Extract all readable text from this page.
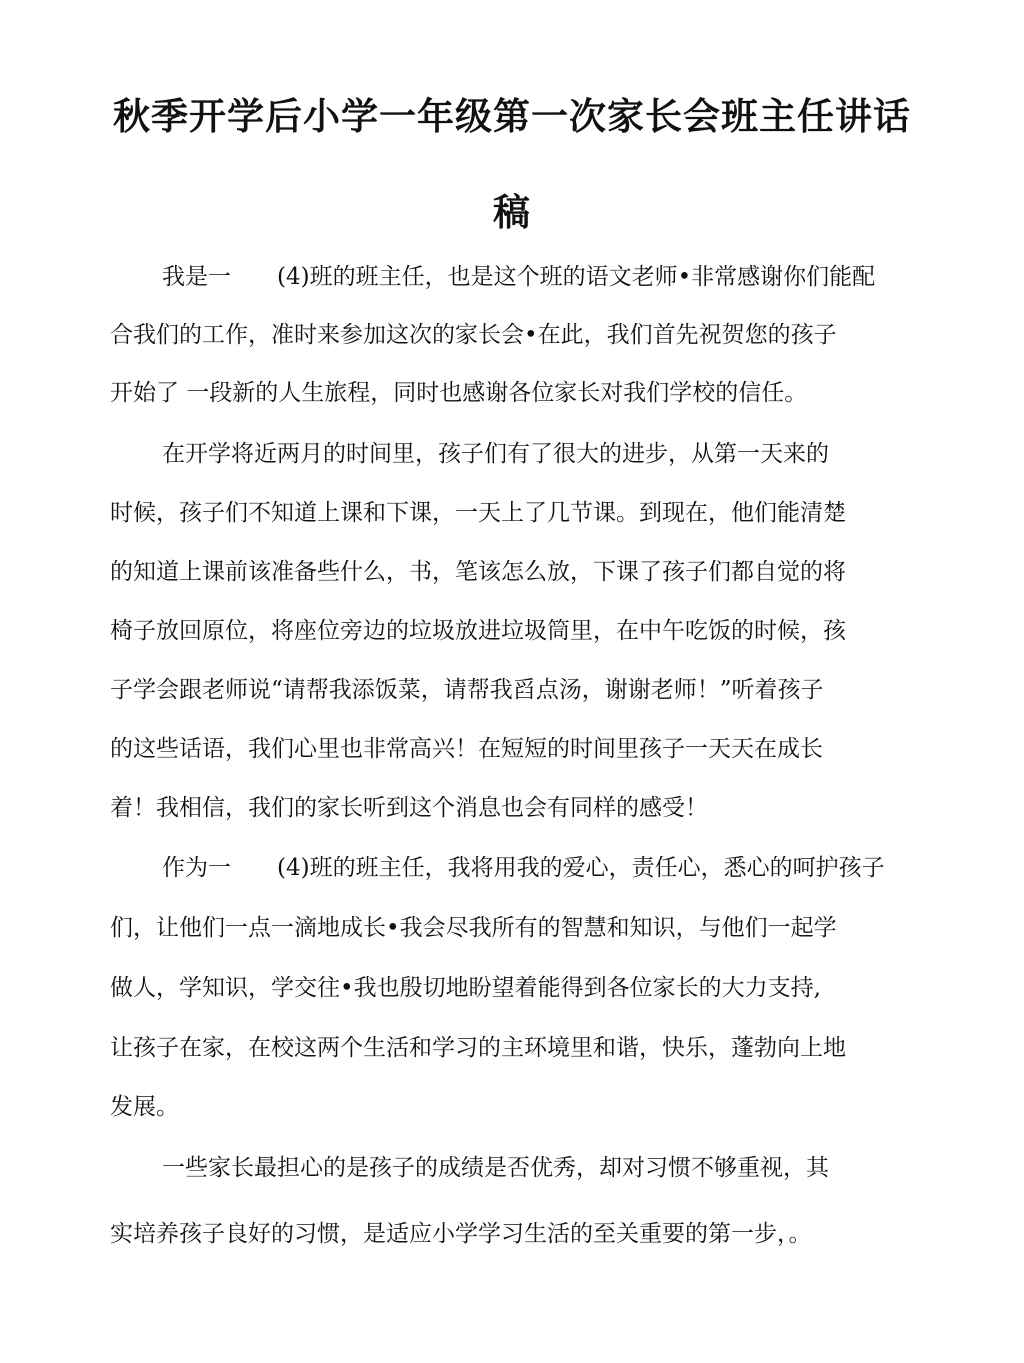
秋季开学后小学一年级第一次家长会班主任讲话
稿

我是一　　(4)班的班主任，也是这个班的语文老师•非常感谢你们能配

合我们的工作，准时来参加这次的家长会•在此，我们首先祝贺您的孩子

开始了 一段新的人生旅程，同时也感谢各位家长对我们学校的信任。

在开学将近两月的时间里，孩子们有了很大的进步，从第一天来的

时候，孩子们不知道上课和下课，一天上了几节课。到现在，他们能清楚

的知道上课前该准备些什么，书，笔该怎么放，下课了孩子们都自觉的将

椅子放回原位，将座位旁边的垃圾放进垃圾筒里，在中午吃饭的时候，孩

子学会跟老师说“请帮我添饭菜，请帮我舀点汤，谢谢老师！”听着孩子

的这些话语，我们心里也非常高兴！在短短的时间里孩子一天天在成长

着！我相信，我们的家长听到这个消息也会有同样的感受！

作为一　　(4)班的班主任，我将用我的爱心，责任心，悉心的呵护孩子

们，让他们一点一滴地成长•我会尽我所有的智慧和知识，与他们一起学

做人，学知识，学交往•我也殷切地盼望着能得到各位家长的大力支持,

让孩子在家，在校这两个生活和学习的主环境里和谐，快乐，蓬勃向上地

发展。

一些家长最担心的是孩子的成绩是否优秀，却对习惯不够重视，其

实培养孩子良好的习惯，是适应小学学习生活的至关重要的第一步，。
